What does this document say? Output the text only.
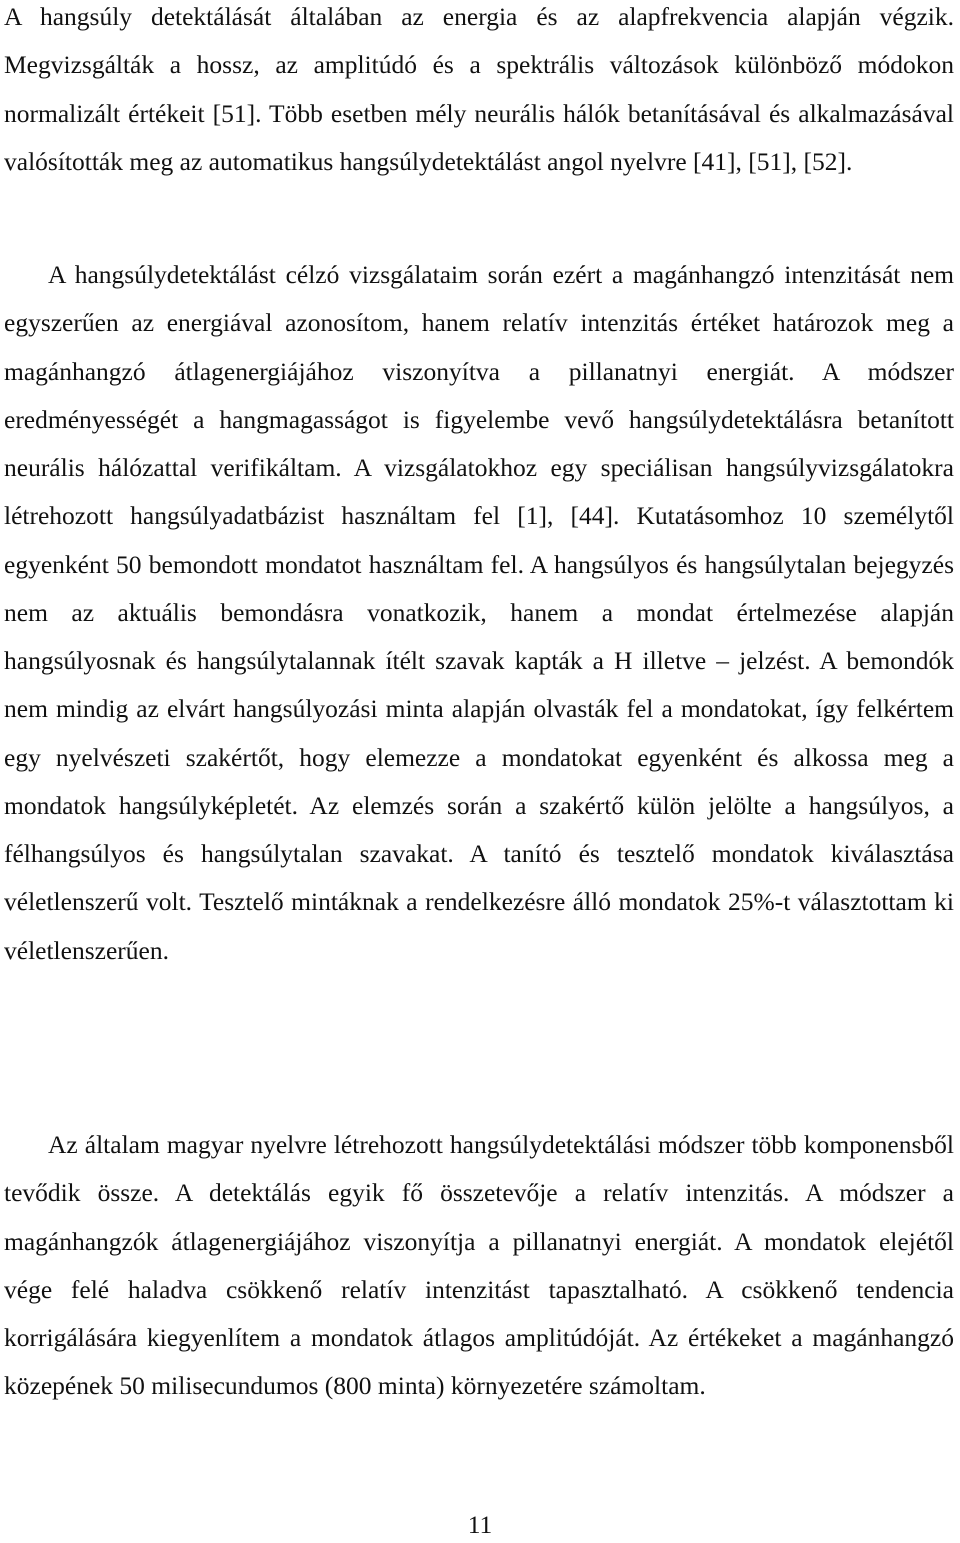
A hangsúly detektálását általában az energia és az alapfrekvencia alapján végzik. Megvizsgálták a hossz, az amplitúdó és a spektrális változások különböző módokon normalizált értékeit [51]. Több esetben mély neurális hálók betanításával és alkalmazásával valósították meg az automatikus hangsúlydetektálást angol nyelvre [41], [51], [52].

A hangsúlydetektálást célzó vizsgálataim során ezért a magánhangzó intenzitását nem egyszerűen az energiával azonosítom, hanem relatív intenzitás értéket határozok meg a magánhangzó átlagenergiájához viszonyítva a pillanatnyi energiát. A módszer eredményességét a hangmagasságot is figyelembe vevő hangsúlydetektálásra betanított neurális hálózattal verifikáltam. A vizsgálatokhoz egy speciálisan hangsúlyvizsgálatokra létrehozott hangsúlyadatbázist használtam fel [1], [44]. Kutatásomhoz 10 személytől egyenként 50 bemondott mondatot használtam fel. A hangsúlyos és hangsúlytalan bejegyzés nem az aktuális bemondásra vonatkozik, hanem a mondat értelmezése alapján hangsúlyosnak és hangsúlytalannak ítélt szavak kapták a H illetve – jelzést. A bemondók nem mindig az elvárt hangsúlyozási minta alapján olvasták fel a mondatokat, így felkértem egy nyelvészeti szakértőt, hogy elemezze a mondatokat egyenként és alkossa meg a mondatok hangsúlyképletét. Az elemzés során a szakértő külön jelölte a hangsúlyos, a félhangsúlyos és hangsúlytalan szavakat. A tanító és tesztelő mondatok kiválasztása véletlenszerű volt. Tesztelő mintáknak a rendelkezésre álló mondatok 25%-t választottam ki véletlenszerűen.

Az általam magyar nyelvre létrehozott hangsúlydetektálási módszer több komponensből tevődik össze. A detektálás egyik fő összetevője a relatív intenzitás. A módszer a magánhangzók átlagenergiájához viszonyítja a pillanatnyi energiát. A mondatok elejétől vége felé haladva csökkenő relatív intenzitást tapasztalható. A csökkenő tendencia korrigálására kiegyenlítem a mondatok átlagos amplitúdóját. Az értékeket a magánhangzó közepének 50 milisecundumos (800 minta) környezetére számoltam.

11
